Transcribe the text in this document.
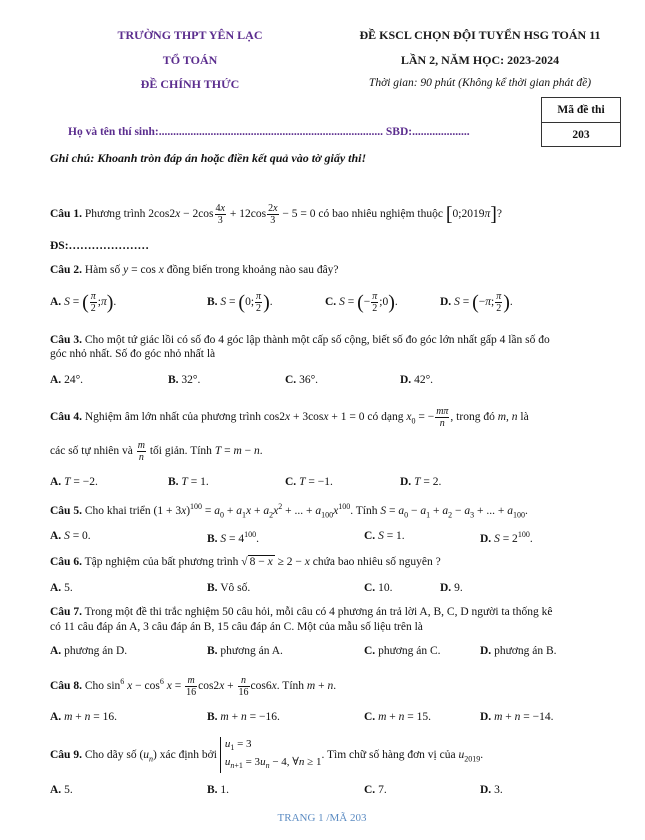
TRƯỜNG THPT YÊN LẠC
TỔ TOÁN
ĐỀ CHÍNH THỨC
ĐỀ KSCL CHỌN ĐỘI TUYỂN HSG TOÁN 11
LẦN 2, NĂM HỌC: 2023-2024
Thời gian: 90 phút (Không kể thời gian phát đề)
Mã đề thi
203
Họ và tên thí sinh:.............................................................................. SBD:....................
Ghi chú: Khoanh tròn đáp án hoặc điền kết quả vào tờ giấy thi!
Câu 1. Phương trình $2\cos 2x - 2\cos \frac{4x}{3} + 12\cos \frac{2x}{3} - 5 = 0$ có bao nhiêu nghiệm thuộc [0;2019π]?
ĐS:…………………
Câu 2. Hàm số y = cos x đồng biến trong khoảng nào sau đây?
A. S = ( $\frac{\pi}{2}$ ;π).	B. S = (0; $\frac{\pi}{2}$ ).	C. S = (− $\frac{\pi}{2}$ ;0).	D. S = (−π; $\frac{\pi}{2}$ ).
Câu 3. Cho một tứ giác lồi có số đo 4 góc lập thành một cấp số cộng, biết số đo góc lớn nhất gấp 4 lần số đo
góc nhỏ nhất. Số đo góc nhỏ nhất là
A. 24°.	B. 32°.	C. 36°.	D. 42°.
Câu 4. Nghiệm âm lớn nhất của phương trình cos2x + 3cosx + 1 = 0 có dạng $x_0$ = − $\frac{m\pi}{n}$ , trong đó m, n là
các số tự nhiên và $\frac{m}{n}$ tối giản. Tính T = m − n.
A. T = −2.	B. T = 1.	C. T = −1.	D. T = 2.
Câu 5. Cho khai triển $(1 + 3x)^{100} = a_0 + a_1x + a_2x^2$ + ... + $a_{100}x^{100}$. Tính $S = a_0 - a_1 + a_2 - a_3$ + ... + $a_{100}$.
A. S = 0.	B. $S = 4^{100}$.	C. S = 1.	D. $S = 2^{100}$.
Câu 6. Tập nghiệm của bất phương trình √ 8 − x ≥ 2 − x chứa bao nhiêu số nguyên ?
A. 5.	B. Vô số.	C. 10.	D. 9.
Câu 7. Trong một đề thi trắc nghiệm 50 câu hỏi, mỗi câu có 4 phương án trả lời A, B, C, D người ta thống kê
có 11 câu đáp án A, 3 câu đáp án B, 15 câu đáp án C. Một của mẫu số liệu trên là
A. phương án D.	B. phương án A.	C. phương án C.	D. phương án B.
Câu 8. Cho $\sin^6 x - \cos^6 x = \frac{m}{16} \cos 2x + \frac{n}{16} \cos 6x$. Tính m + n.
A. m + n = 16.	B. m + n = −16.	C. m + n = 15.	D. m + n = −14.
Câu 9. Cho dãy số $(u_n)$ xác định bởi
$u_1 = 3$
$u_{n+1} = 3u_n - 4$, ∀n ≥ 1
. Tìm chữ số hàng đơn vị của $u_{2019}$.
A. 5.	B. 1.	C. 7.	D. 3.
TRANG 1 /MÃ 203
